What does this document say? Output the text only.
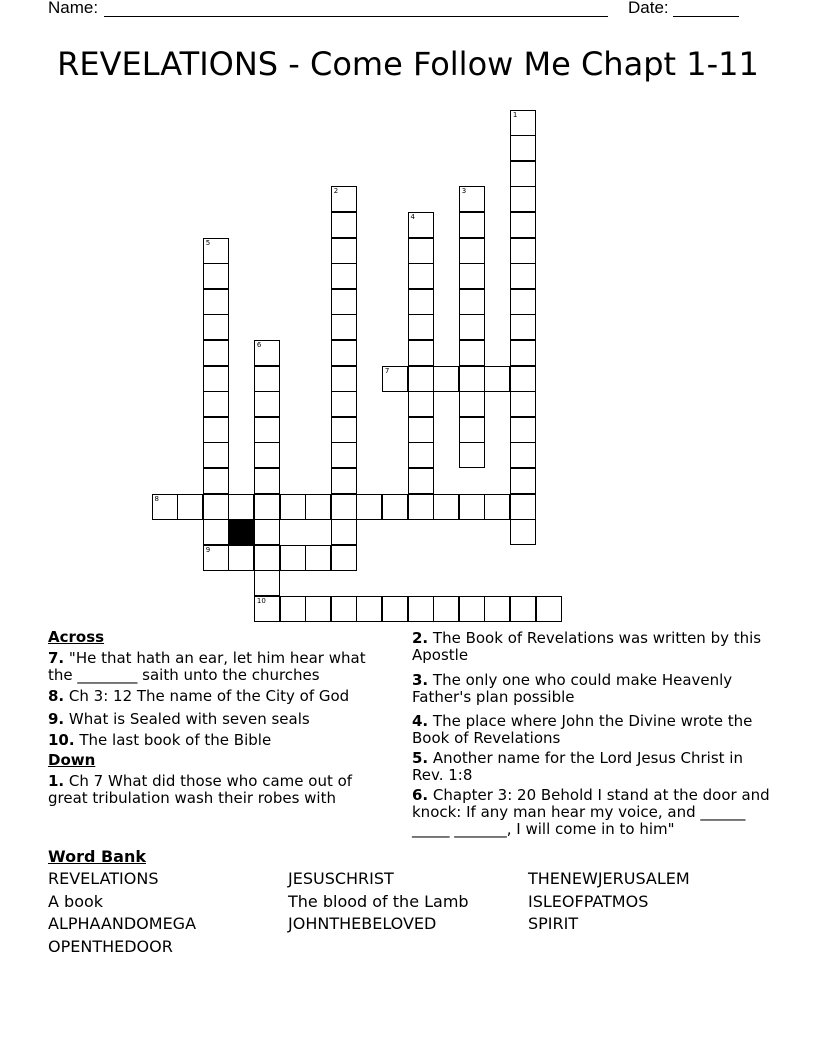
Name:	Date:
REVELATIONS - Come Follow Me Chapt 1-11
1
2	3
4
5
9
6
10
7
8
Across
7. "He that hath an ear, let him hear what the ________ saith unto the churches
8. Ch 3: 12 The name of the City of God
9. What is Sealed with seven seals
10. The last book of the Bible
Down
1. Ch 7 What did those who came out of great tribulation wash their robes with
2. The Book of Revelations was written by this Apostle
3. The only one who could make Heavenly Father's plan possible
4. The place where John the Divine wrote the Book of Revelations
5. Another name for the Lord Jesus Christ in Rev. 1:8
6. Chapter 3: 20 Behold I stand at the door and knock: If any man hear my voice, and ______ _____ _______, I will come in to him"
Word Bank
REVELATIONS	JESUSCHRIST	THENEWJERUSALEM
A book	The blood of the Lamb	ISLEOFPATMOS
ALPHAANDOMEGA	JOHNTHEBELOVED	SPIRIT
OPENTHEDOOR
